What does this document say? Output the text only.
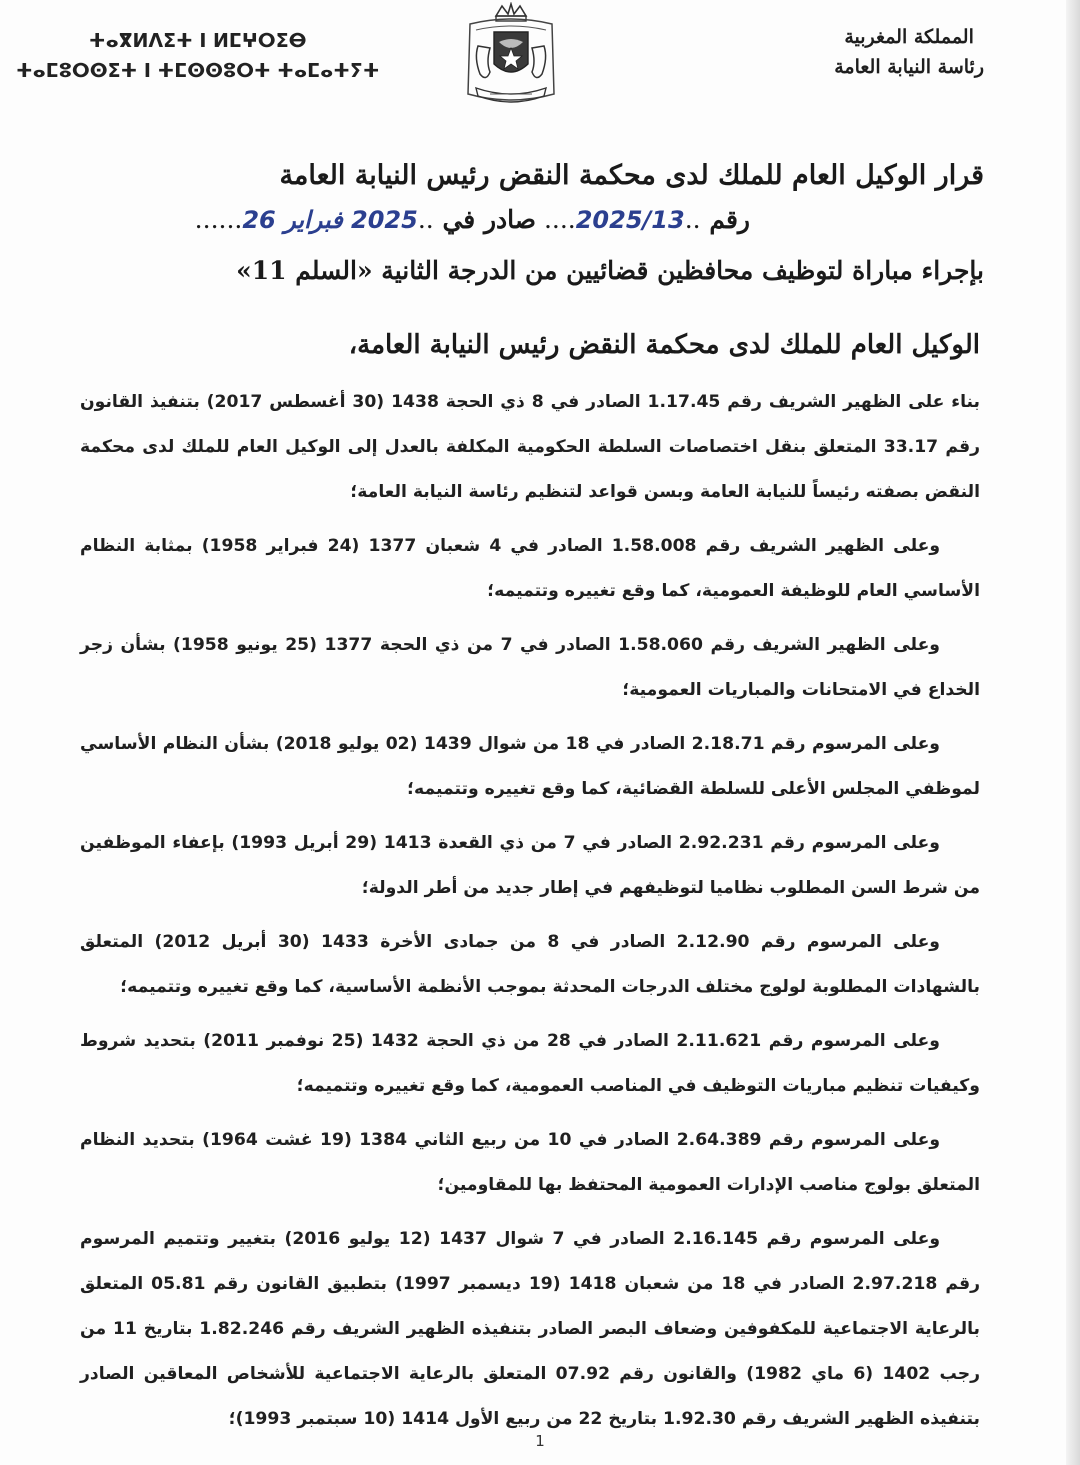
ⵜⴰⴳⵍⴷⵉⵜ ⵏ ⵍⵎⵖⵔⵉⴱ
ⵜⴰⵎⵓⵔⵙⵉⵜ ⵏ ⵜⵎⵙⵙⵓⵔⵜ ⵜⴰⵎⴰⵜⵢⵜ
المملكة المغربية
رئاسة النيابة العامة
قرار الوكيل العام للملك لدى محكمة النقض رئيس النيابة العامة
رقم ..2025/13.... صادر في ..2025 فبراير 26......
بإجراء مباراة لتوظيف محافظين قضائيين من الدرجة الثانية «السلم 11»
الوكيل العام للملك لدى محكمة النقض رئيس النيابة العامة،

بناء على الظهير الشريف رقم 1.17.45 الصادر في 8 ذي الحجة 1438 (30 أغسطس 2017) بتنفيذ القانون رقم 33.17 المتعلق بنقل اختصاصات السلطة الحكومية المكلفة بالعدل إلى الوكيل العام للملك لدى محكمة النقض بصفته رئيساً للنيابة العامة وبسن قواعد لتنظيم رئاسة النيابة العامة؛

وعلى الظهير الشريف رقم 1.58.008 الصادر في 4 شعبان 1377 (24 فبراير 1958) بمثابة النظام الأساسي العام للوظيفة العمومية، كما وقع تغييره وتتميمه؛

وعلى الظهير الشريف رقم 1.58.060 الصادر في 7 من ذي الحجة 1377 (25 يونيو 1958) بشأن زجر الخداع في الامتحانات والمباريات العمومية؛

وعلى المرسوم رقم 2.18.71 الصادر في 18 من شوال 1439 (02 يوليو 2018) بشأن النظام الأساسي لموظفي المجلس الأعلى للسلطة القضائية، كما وقع تغييره وتتميمه؛

وعلى المرسوم رقم 2.92.231 الصادر في 7 من ذي القعدة 1413 (29 أبريل 1993) بإعفاء الموظفين من شرط السن المطلوب نظاميا لتوظيفهم في إطار جديد من أطر الدولة؛

وعلى المرسوم رقم 2.12.90 الصادر في 8 من جمادى الأخرة 1433 (30 أبريل 2012) المتعلق بالشهادات المطلوبة لولوج مختلف الدرجات المحدثة بموجب الأنظمة الأساسية، كما وقع تغييره وتتميمه؛

وعلى المرسوم رقم 2.11.621 الصادر في 28 من ذي الحجة 1432 (25 نوفمبر 2011) بتحديد شروط وكيفيات تنظيم مباريات التوظيف في المناصب العمومية، كما وقع تغييره وتتميمه؛

وعلى المرسوم رقم 2.64.389 الصادر في 10 من ربيع الثاني 1384 (19 غشت 1964) بتحديد النظام المتعلق بولوج مناصب الإدارات العمومية المحتفظ بها للمقاومين؛

وعلى المرسوم رقم 2.16.145 الصادر في 7 شوال 1437 (12 يوليو 2016) بتغيير وتتميم المرسوم رقم 2.97.218 الصادر في 18 من شعبان 1418 (19 ديسمبر 1997) بتطبيق القانون رقم 05.81 المتعلق بالرعاية الاجتماعية للمكفوفين وضعاف البصر الصادر بتنفيذه الظهير الشريف رقم 1.82.246 بتاريخ 11 من رجب 1402 (6 ماي 1982) والقانون رقم 07.92 المتعلق بالرعاية الاجتماعية للأشخاص المعاقين الصادر بتنفيذه الظهير الشريف رقم 1.92.30 بتاريخ 22 من ربيع الأول 1414 (10 سبتمبر 1993)؛

1
